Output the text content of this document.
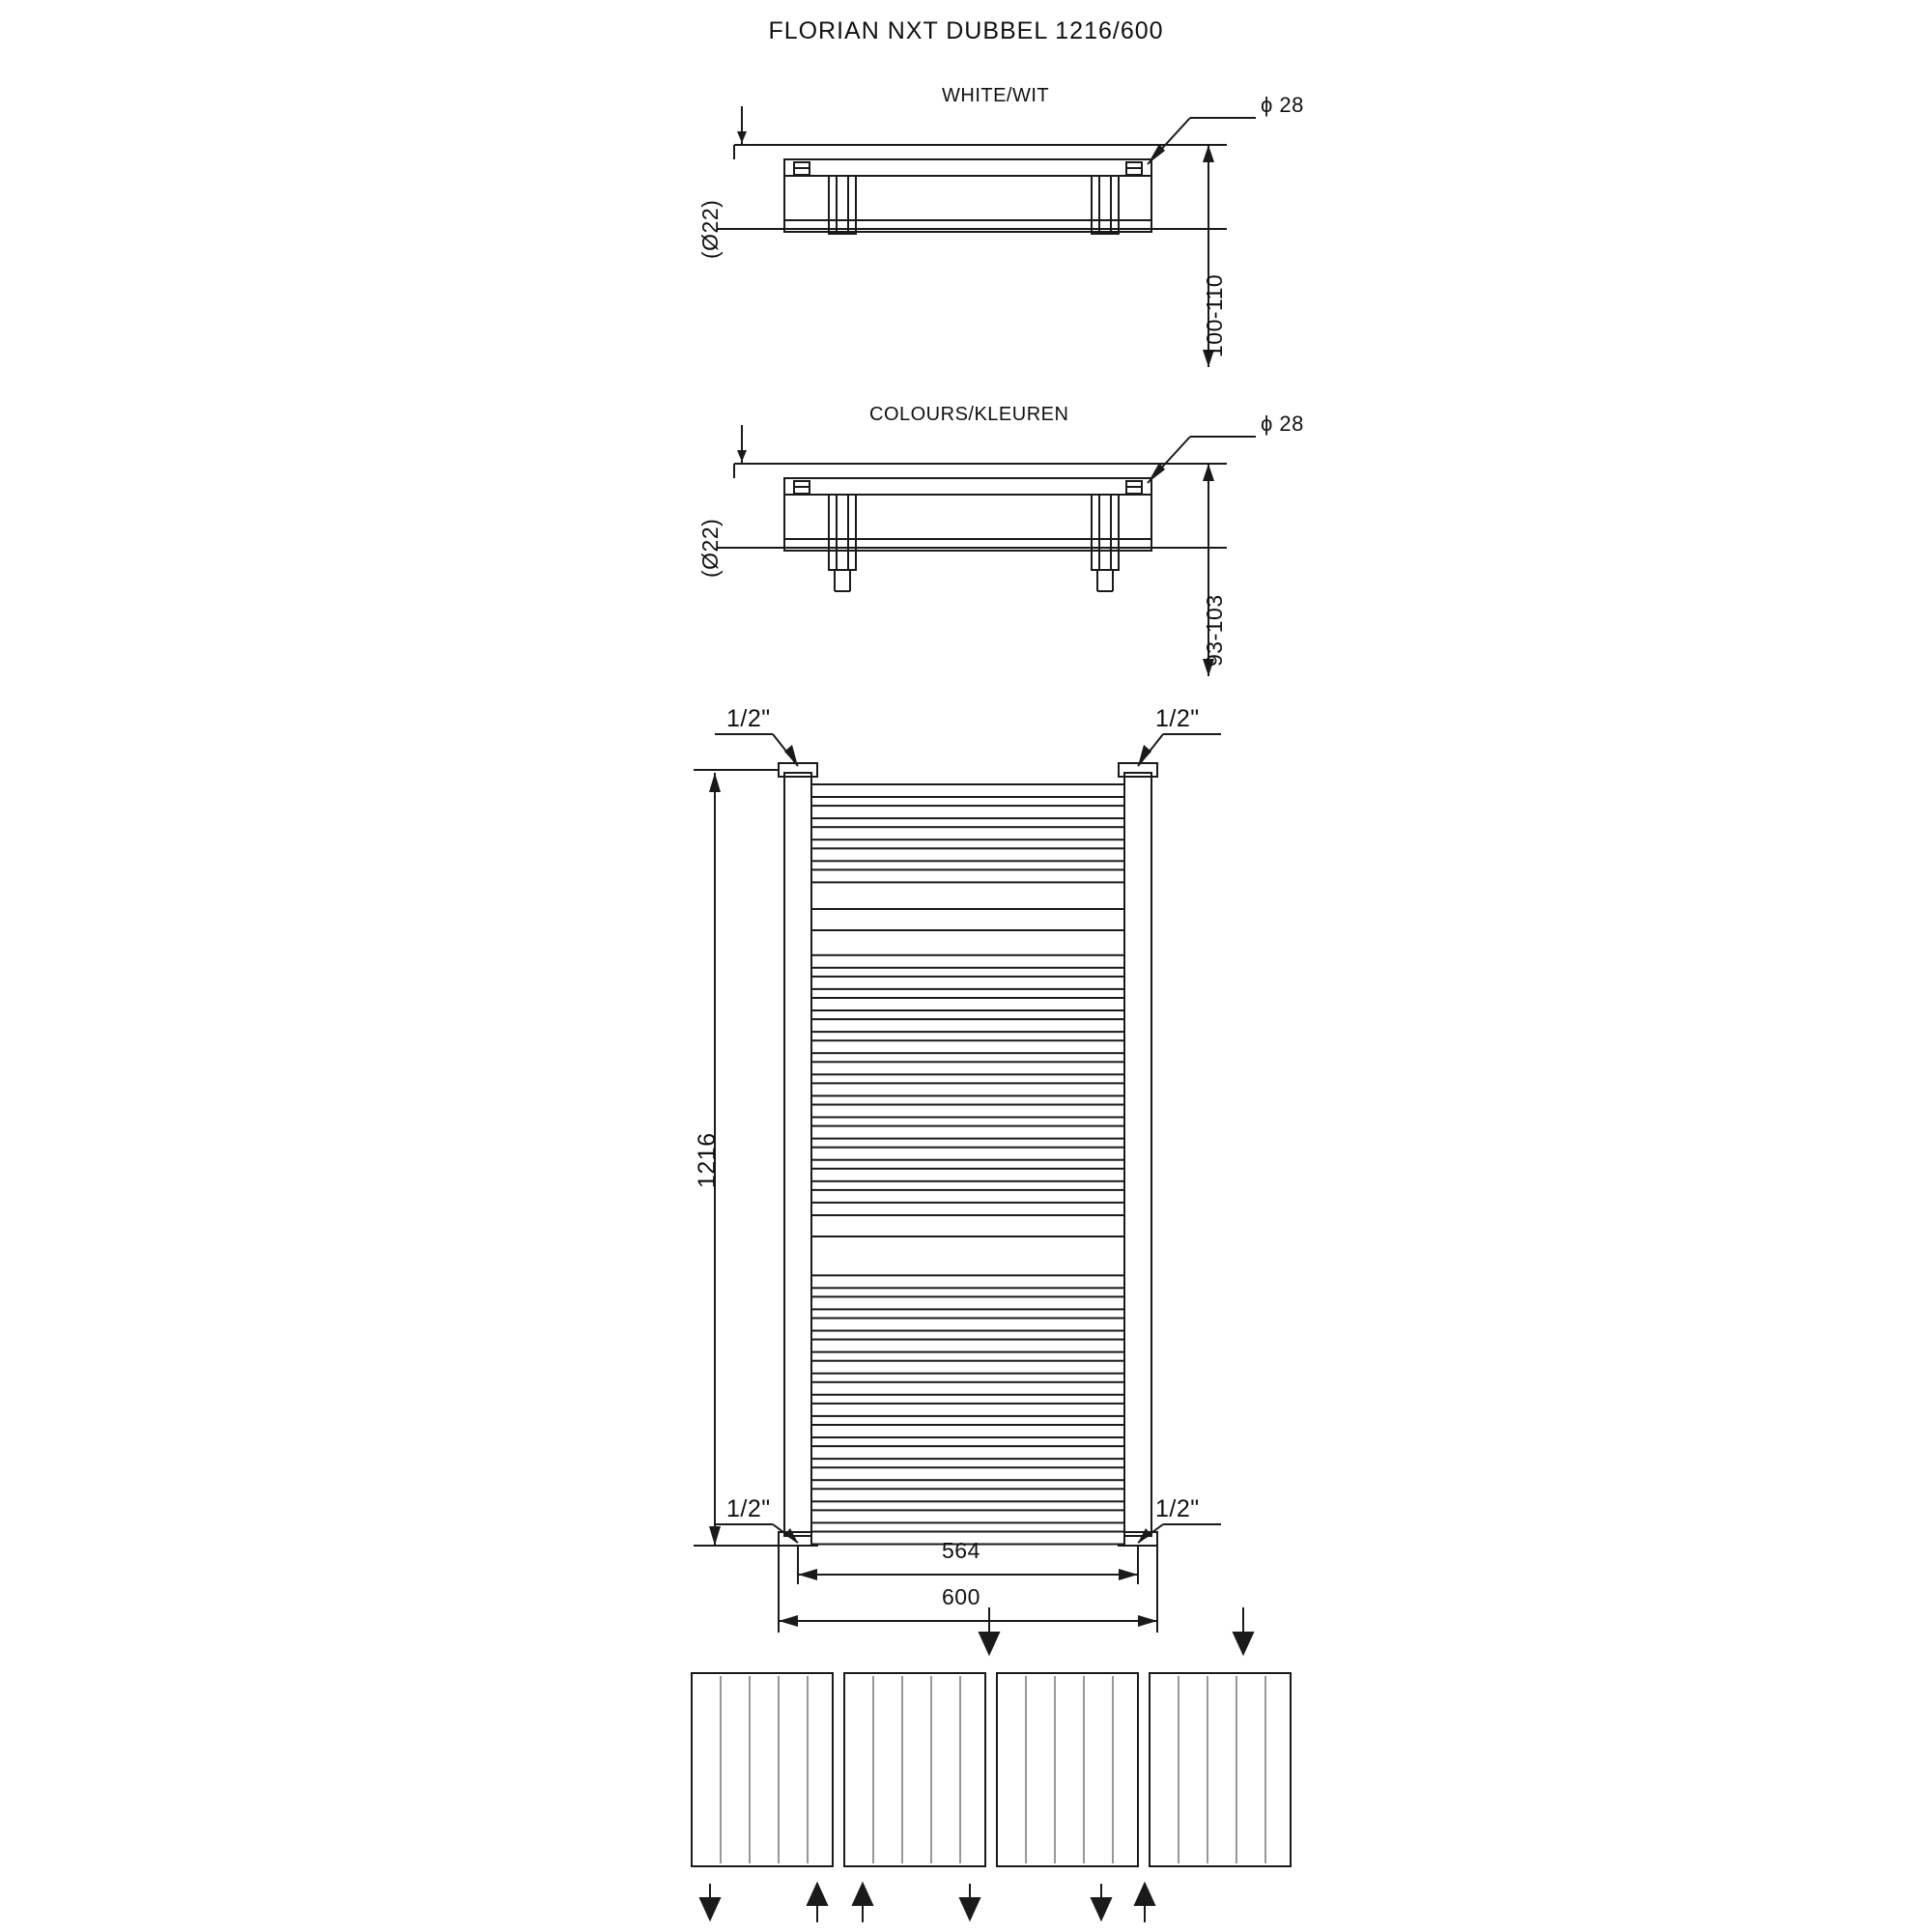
FLORIAN NXT DUBBEL 1216/600
WHITE/WIT	ϕ 28
(Ø22)
100-110
COLOURS/KLEUREN	ϕ 28
(Ø22)
93-103
1/2"	1/2"
1/2"	1/2"
1216
564
600
